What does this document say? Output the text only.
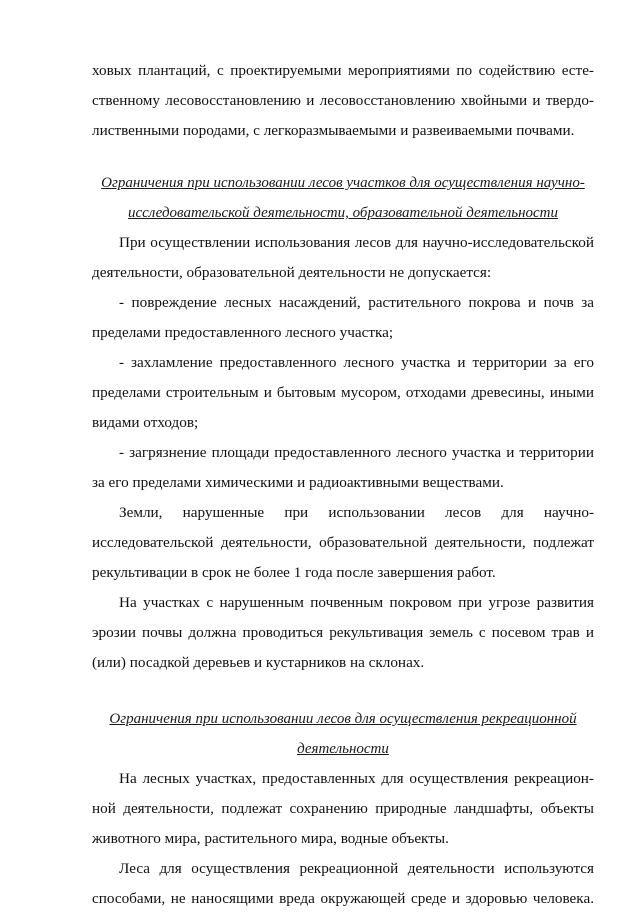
ховых плантаций, с проектируемыми мероприятиями по содействию есте-
ственному лесовосстановлению и лесовосстановлению хвойными и твердо-
лиственными породами, с легкоразмываемыми и развеиваемыми почвами.
Ограничения при использовании лесов участков для осуществления научно-
исследовательской деятельности, образовательной деятельности
При осуществлении использования лесов для научно-исследовательской
деятельности, образовательной деятельности не допускается:
- повреждение лесных насаждений, растительного покрова и почв за
пределами предоставленного лесного участка;
- захламление предоставленного лесного участка и территории за его
пределами строительным и бытовым мусором, отходами древесины, иными
видами отходов;
- загрязнение площади предоставленного лесного участка и территории
за его пределами химическими и радиоактивными веществами.
Земли, нарушенные при использовании лесов для научно-
исследовательской деятельности, образовательной деятельности, подлежат
рекультивации в срок не более 1 года после завершения работ.
На участках с нарушенным почвенным покровом при угрозе развития
эрозии почвы должна проводиться рекультивация земель с посевом трав и
(или) посадкой деревьев и кустарников на склонах.
Ограничения при использовании лесов для осуществления рекреационной
деятельности
На лесных участках, предоставленных для осуществления рекреацион-
ной деятельности, подлежат сохранению природные ландшафты, объекты
животного мира, растительного мира, водные объекты.
Леса для осуществления рекреационной деятельности используются
способами, не наносящими вреда окружающей среде и здоровью человека.
